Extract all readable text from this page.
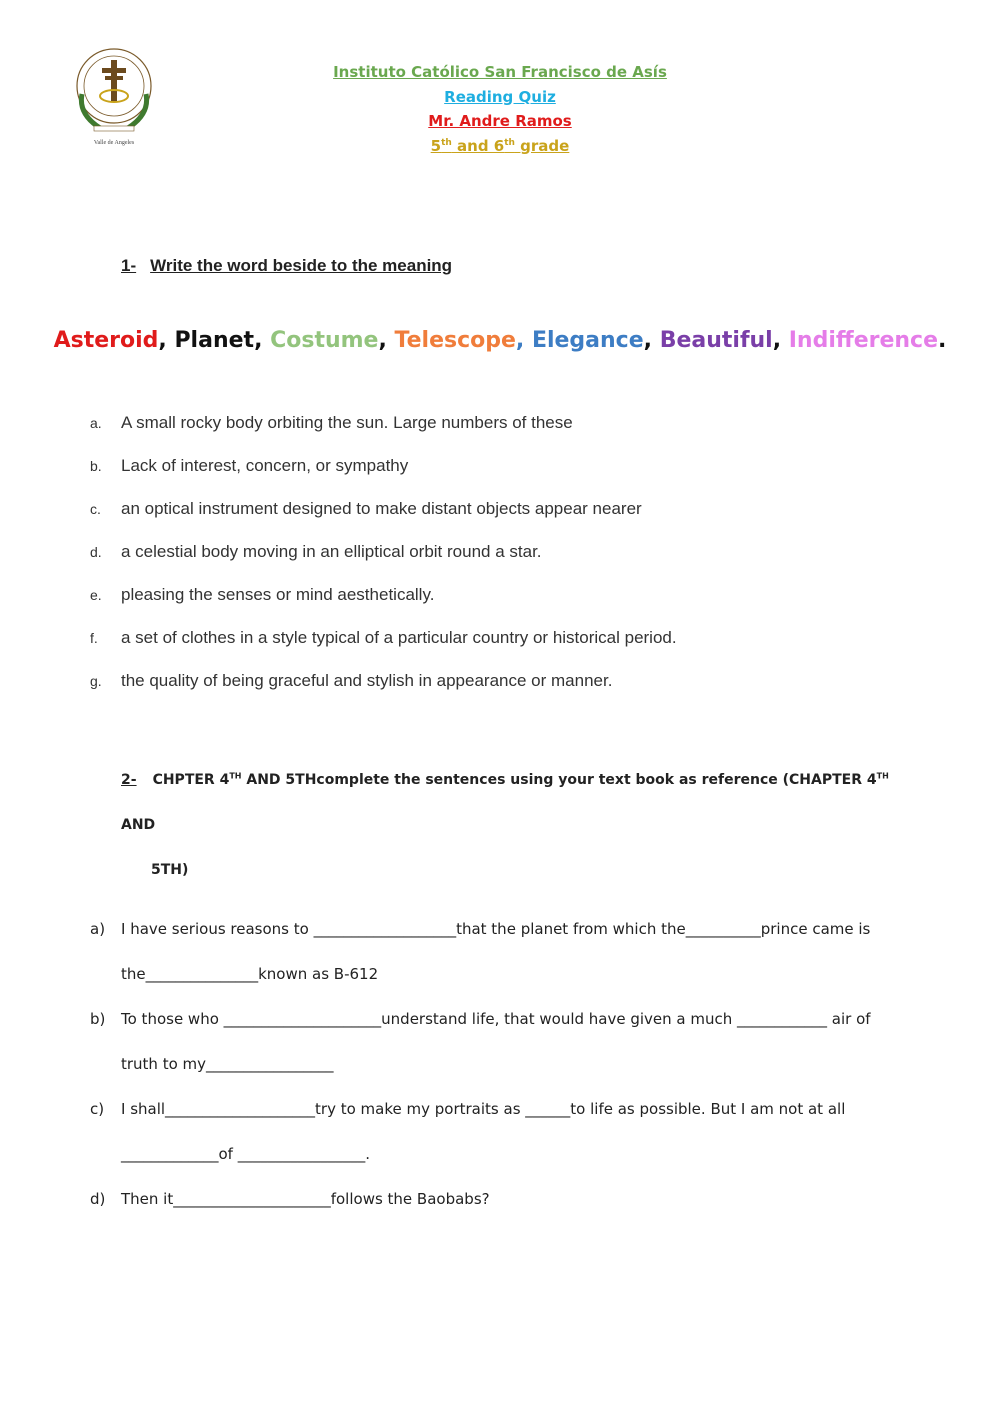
Valle de Angeles
Instituto Católico San Francisco de Asís
Reading Quiz
Mr. Andre Ramos
5th and 6th grade
1- Write the word beside to the meaning
Asteroid, Planet, Costume, Telescope, Elegance, Beautiful, Indifference.
a. A small rocky body orbiting the sun. Large numbers of these
b. Lack of interest, concern, or sympathy
c. an optical instrument designed to make distant objects appear nearer
d. a celestial body moving in an elliptical orbit round a star.
e. pleasing the senses or mind aesthetically.
f. a set of clothes in a style typical of a particular country or historical period.
g. the quality of being graceful and stylish in appearance or manner.
2- CHPTER 4TH AND 5THcomplete the sentences using your text book as reference (CHAPTER 4TH AND
5TH)
a) I have serious reasons to ___________________that the planet from which the__________prince came is
the_______________known as B-612
b) To those who _____________________understand life, that would have given a much ____________ air of
truth to my_________________
c) I shall____________________try to make my portraits as ______to life as possible. But I am not at all
_____________of _________________.
d) Then it_____________________follows the Baobabs?
